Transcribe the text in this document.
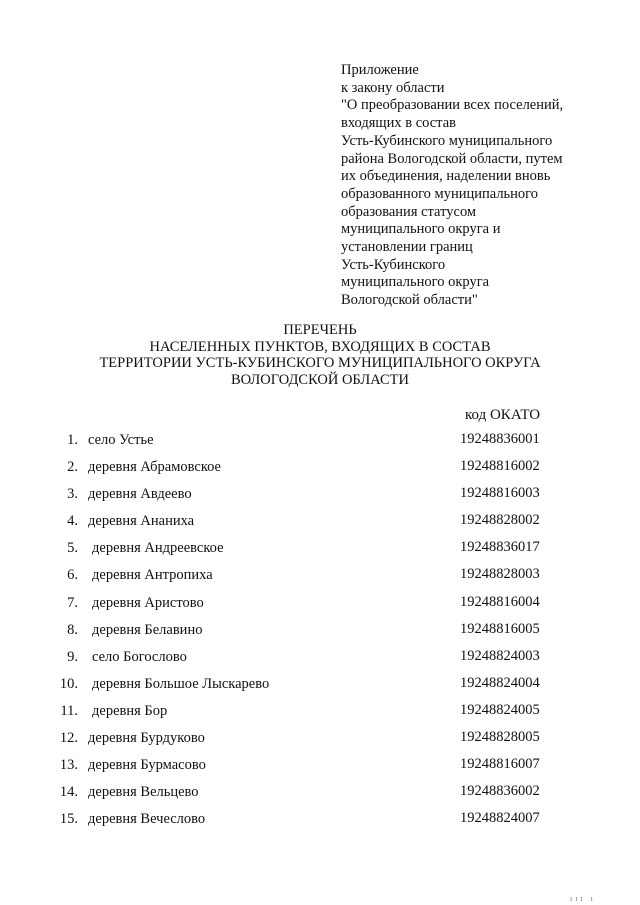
Приложение
к закону области
"О преобразовании всех поселений,
входящих в состав
Усть-Кубинского муниципального
района Вологодской области, путем
их объединения, наделении вновь
образованного муниципального
образования статусом
муниципального округа и
установлении границ
Усть-Кубинского
муниципального округа
Вологодской области"
ПЕРЕЧЕНЬ
НАСЕЛЕННЫХ ПУНКТОВ, ВХОДЯЩИХ В СОСТАВ
ТЕРРИТОРИИ УСТЬ-КУБИНСКОГО МУНИЦИПАЛЬНОГО ОКРУГА
ВОЛОГОДСКОЙ ОБЛАСТИ
код ОКАТО
1. село Устье	19248836001
2. деревня Абрамовское	19248816002
3. деревня Авдеево	19248816003
4. деревня Ананиха	19248828002
5. деревня Андреевское	19248836017
6. деревня Антропиха	19248828003
7. деревня Аристово	19248816004
8. деревня Белавино	19248816005
9. село Богослово	19248824003
10. деревня Большое Лыскарево	19248824004
11. деревня Бор	19248824005
12. деревня Бурдуково	19248828005
13. деревня Бурмасово	19248816007
14. деревня Вельцево	19248836002
15. деревня Вечеслово	19248824007
ııı ı
